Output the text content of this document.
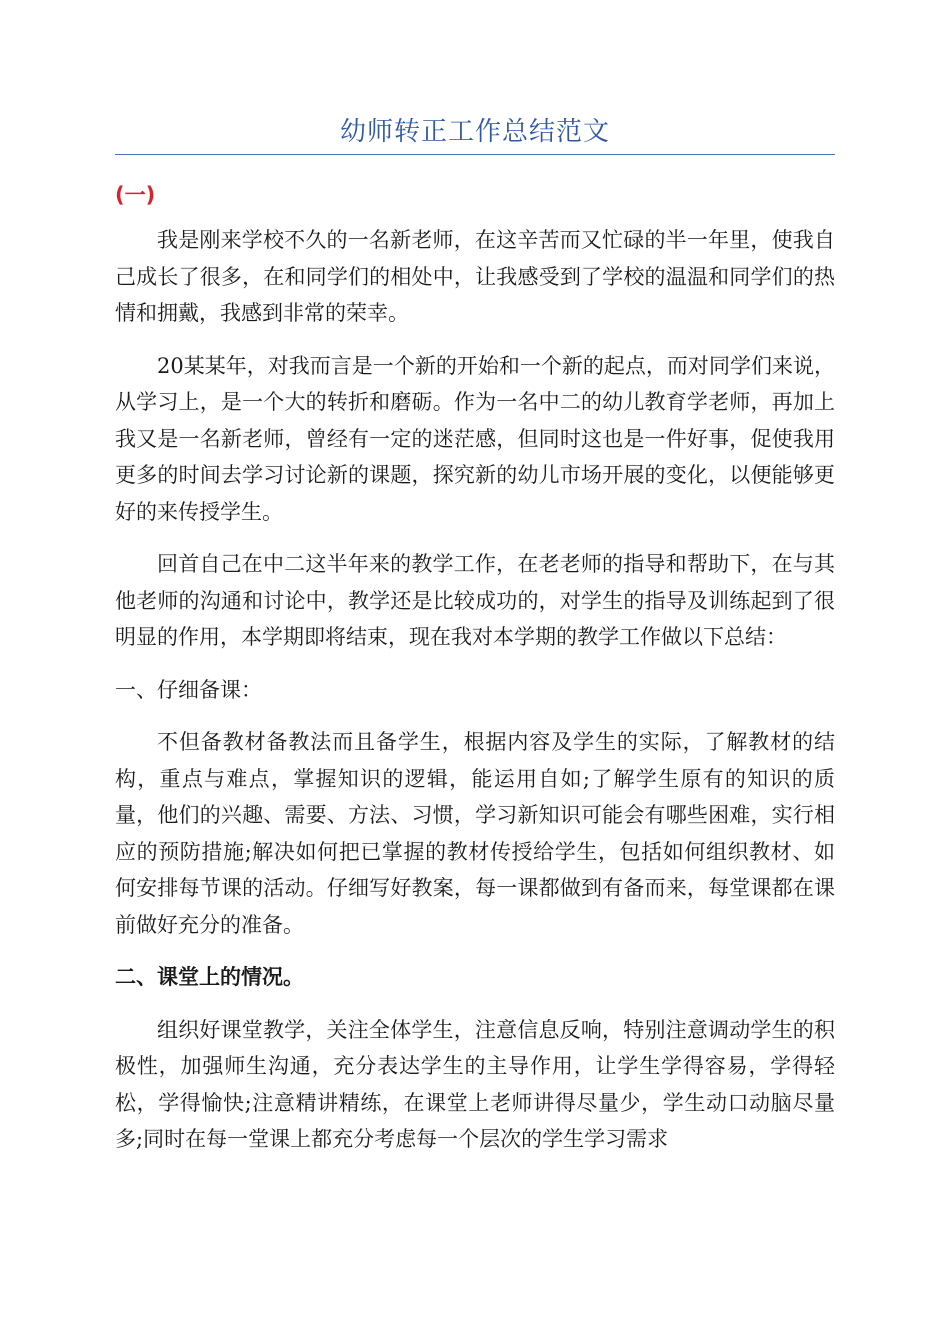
幼师转正工作总结范文
(一)

我是刚来学校不久的一名新老师，在这辛苦而又忙碌的半一年里，使我自己成长了很多，在和同学们的相处中，让我感受到了学校的温温和同学们的热情和拥戴，我感到非常的荣幸。

20某某年，对我而言是一个新的开始和一个新的起点，而对同学们来说，从学习上，是一个大的转折和磨砺。作为一名中二的幼儿教育学老师，再加上我又是一名新老师，曾经有一定的迷茫感，但同时这也是一件好事，促使我用更多的时间去学习讨论新的课题，探究新的幼儿市场开展的变化，以便能够更好的来传授学生。

回首自己在中二这半年来的教学工作，在老老师的指导和帮助下，在与其他老师的沟通和讨论中，教学还是比较成功的，对学生的指导及训练起到了很明显的作用，本学期即将结束，现在我对本学期的教学工作做以下总结：

一、仔细备课：

不但备教材备教法而且备学生，根据内容及学生的实际，了解教材的结构，重点与难点，掌握知识的逻辑，能运用自如;了解学生原有的知识的质量，他们的兴趣、需要、方法、习惯，学习新知识可能会有哪些困难，实行相应的预防措施;解决如何把已掌握的教材传授给学生，包括如何组织教材、如何安排每节课的活动。仔细写好教案，每一课都做到有备而来，每堂课都在课前做好充分的准备。

二、课堂上的情况。

组织好课堂教学，关注全体学生，注意信息反响，特别注意调动学生的积极性，加强师生沟通，充分表达学生的主导作用，让学生学得容易，学得轻松，学得愉快;注意精讲精练，在课堂上老师讲得尽量少，学生动口动脑尽量多;同时在每一堂课上都充分考虑每一个层次的学生学习需求
